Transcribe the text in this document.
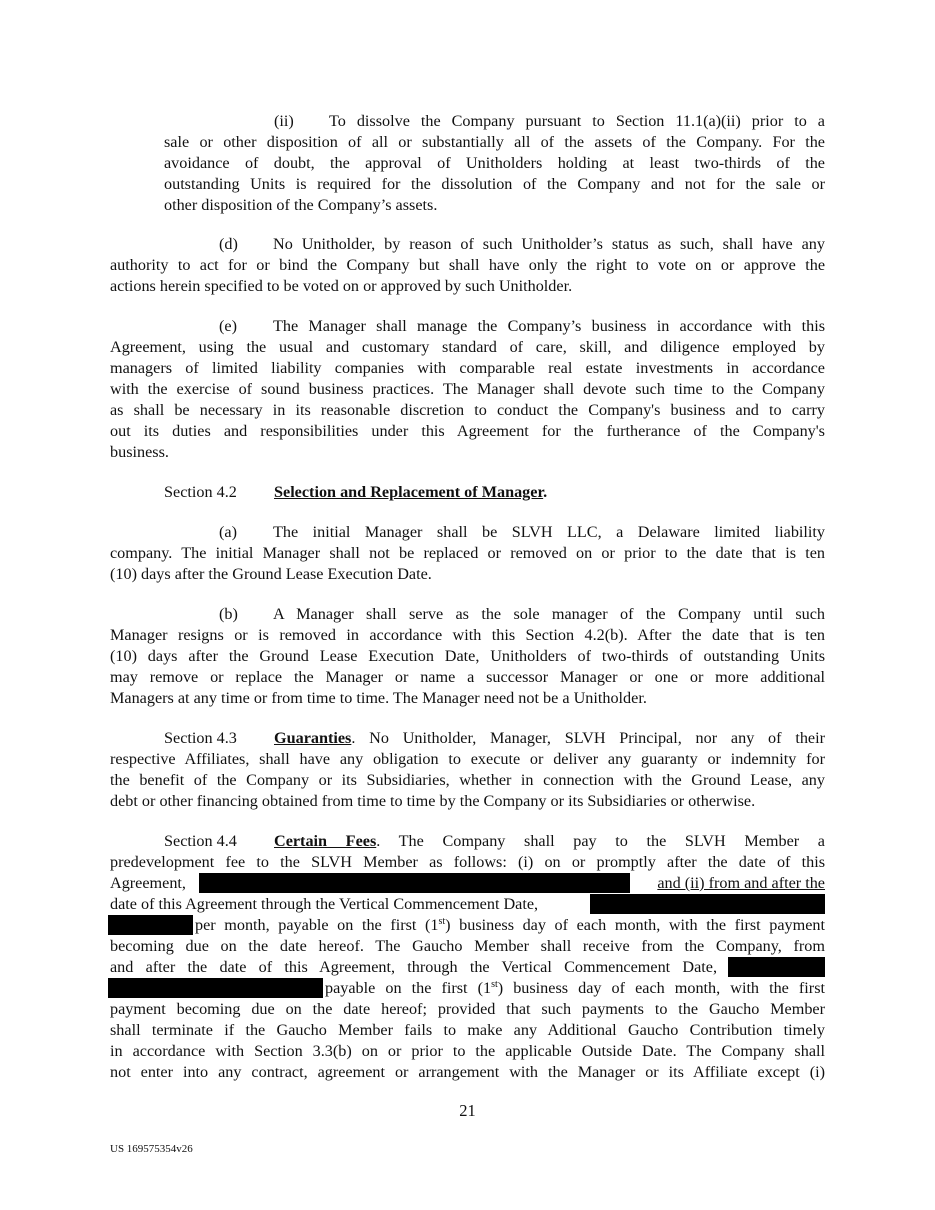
(ii) To dissolve the Company pursuant to Section 11.1(a)(ii) prior to a
sale or other disposition of all or substantially all of the assets of the Company. For the
avoidance of doubt, the approval of Unitholders holding at least two-thirds of the
outstanding Units is required for the dissolution of the Company and not for the sale or
other disposition of the Company’s assets.
(d) No Unitholder, by reason of such Unitholder’s status as such, shall have any
authority to act for or bind the Company but shall have only the right to vote on or approve the
actions herein specified to be voted on or approved by such Unitholder.
(e) The Manager shall manage the Company’s business in accordance with this
Agreement, using the usual and customary standard of care, skill, and diligence employed by
managers of limited liability companies with comparable real estate investments in accordance
with the exercise of sound business practices. The Manager shall devote such time to the Company
as shall be necessary in its reasonable discretion to conduct the Company's business and to carry
out its duties and responsibilities under this Agreement for the furtherance of the Company's
business.
Section 4.2 Selection and Replacement of Manager.
(a) The initial Manager shall be SLVH LLC, a Delaware limited liability
company. The initial Manager shall not be replaced or removed on or prior to the date that is ten
(10) days after the Ground Lease Execution Date.
(b) A Manager shall serve as the sole manager of the Company until such
Manager resigns or is removed in accordance with this Section 4.2(b). After the date that is ten
(10) days after the Ground Lease Execution Date, Unitholders of two-thirds of outstanding Units
may remove or replace the Manager or name a successor Manager or one or more additional
Managers at any time or from time to time. The Manager need not be a Unitholder.
Section 4.3 Guaranties. No Unitholder, Manager, SLVH Principal, nor any of their
respective Affiliates, shall have any obligation to execute or deliver any guaranty or indemnity for
the benefit of the Company or its Subsidiaries, whether in connection with the Ground Lease, any
debt or other financing obtained from time to time by the Company or its Subsidiaries or otherwise.
Section 4.4 Certain Fees. The Company shall pay to the SLVH Member a
predevelopment fee to the SLVH Member as follows: (i) on or promptly after the date of this
Agreement,	and (ii) from and after the
date of this Agreement through the Vertical Commencement Date,
per month, payable on the first (1st) business day of each month, with the first payment
becoming due on the date hereof. The Gaucho Member shall receive from the Company, from
and after the date of this Agreement, through the Vertical Commencement Date,
payable on the first (1st) business day of each month, with the first
payment becoming due on the date hereof; provided that such payments to the Gaucho Member
shall terminate if the Gaucho Member fails to make any Additional Gaucho Contribution timely
in accordance with Section 3.3(b) on or prior to the applicable Outside Date. The Company shall
not enter into any contract, agreement or arrangement with the Manager or its Affiliate except (i)
21
US 169575354v26
